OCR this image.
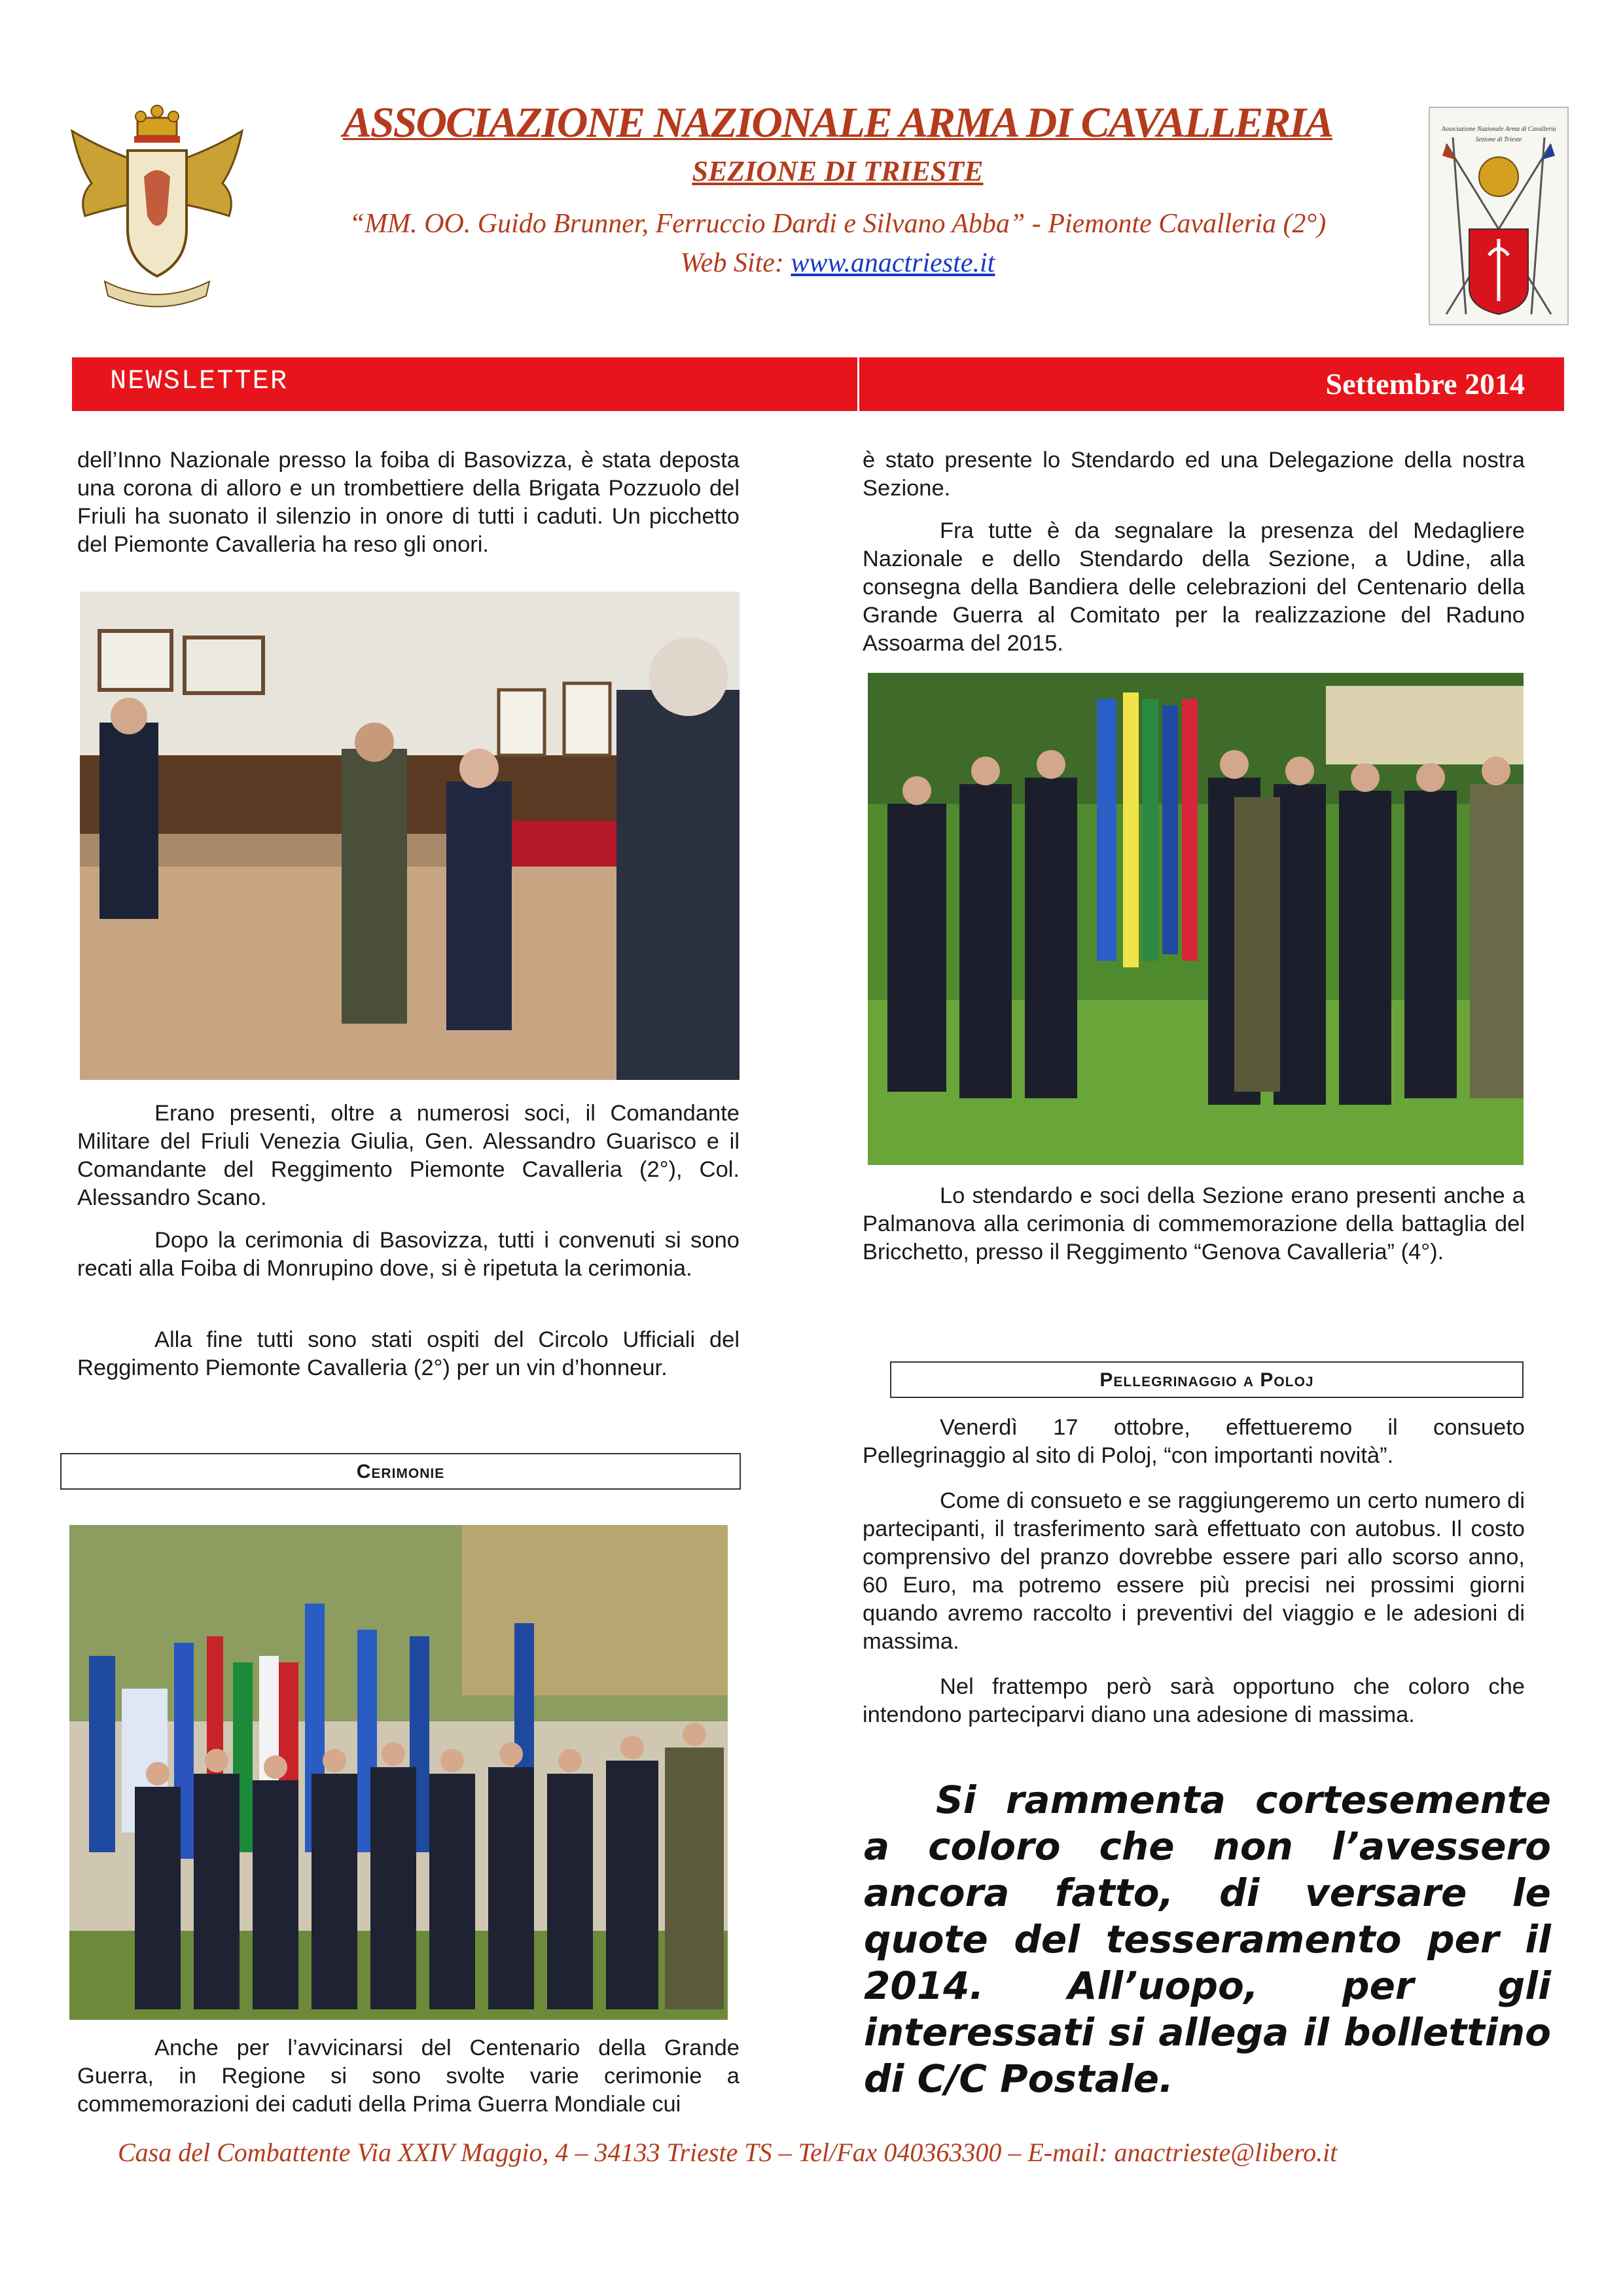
Associazione Nazionale Arma di Cavalleria
Sezione di Trieste
ASSOCIAZIONE NAZIONALE ARMA DI CAVALLERIA
SEZIONE DI TRIESTE
“MM. OO. Guido Brunner, Ferruccio Dardi e Silvano Abba” - Piemonte Cavalleria (2°)
Web Site: www.anactrieste.it
NEWSLETTER	Settembre 2014

dell’Inno Nazionale presso la foiba di Basovizza, è stata deposta una corona di alloro e un trombettiere della Brigata Pozzuolo del Friuli ha suonato il silenzio in onore di tutti i caduti. Un picchetto del Piemonte Cavalleria ha reso gli onori.

Erano presenti, oltre a numerosi soci, il Comandante Militare del Friuli Venezia Giulia, Gen. Alessandro Guarisco e il Comandante del Reggimento Piemonte Cavalleria (2°), Col. Alessandro Scano.

Dopo la cerimonia di Basovizza, tutti i convenuti si sono recati alla Foiba di Monrupino dove, si è ripetuta la cerimonia.

Alla fine tutti sono stati ospiti del Circolo Ufficiali del Reggimento Piemonte Cavalleria (2°) per un vin d’honneur.

Cerimonie

Anche per l’avvicinarsi del Centenario della Grande Guerra, in Regione si sono svolte varie cerimonie a commemorazioni dei caduti della Prima Guerra Mondiale cui

è stato presente lo Stendardo ed una Delegazione della nostra Sezione.

Fra tutte è da segnalare la presenza del Medagliere Nazionale e dello Stendardo della Sezione, a Udine, alla consegna della Bandiera delle celebrazioni del Centenario della Grande Guerra al Comitato per la realizzazione del Raduno Assoarma del 2015.

Lo stendardo e soci della Sezione erano presenti anche a Palmanova alla cerimonia di commemorazione della battaglia del Bricchetto, presso il Reggimento “Genova Cavalleria” (4°).

Pellegrinaggio a Poloj

Venerdì 17 ottobre, effettueremo il consueto Pellegrinaggio al sito di Poloj, “con importanti novità”.

Come di consueto e se raggiungeremo un certo numero di partecipanti, il trasferimento sarà effettuato con autobus. Il costo comprensivo del pranzo dovrebbe essere pari allo scorso anno, 60 Euro, ma potremo essere più precisi nei prossimi giorni quando avremo raccolto i preventivi del viaggio e le adesioni di massima.

Nel frattempo però sarà opportuno che coloro che intendono parteciparvi diano una adesione di massima.

Si rammenta cortesemente a coloro che non l’avessero ancora fatto, di versare le quote del tesseramento per il 2014. All’uopo, per gli interessati si allega il bollettino di C/C Postale.
Casa del Combattente Via XXIV Maggio, 4 – 34133 Trieste TS – Tel/Fax 040363300 – E-mail: anactrieste@libero.it
